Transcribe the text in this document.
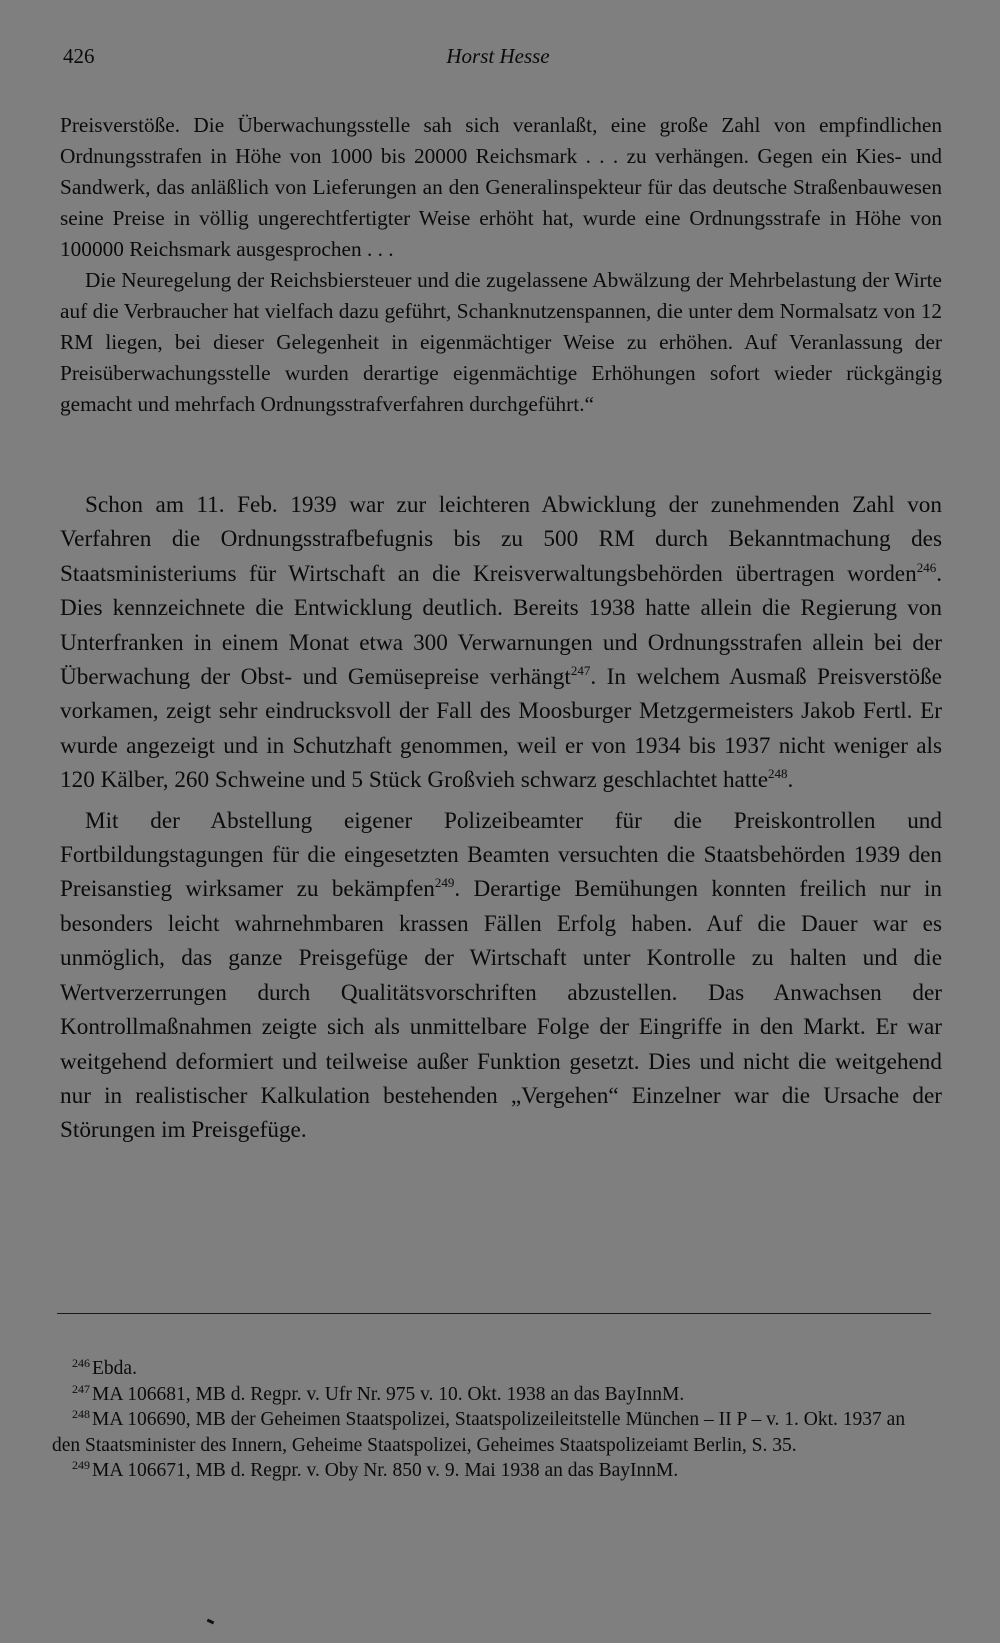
426	Horst Hesse

Preisverstöße. Die Überwachungsstelle sah sich veranlaßt, eine große Zahl von empfindlichen Ordnungsstrafen in Höhe von 1000 bis 20000 Reichsmark . . . zu verhängen. Gegen ein Kies- und Sandwerk, das anläßlich von Lieferungen an den Generalinspekteur für das deutsche Straßenbauwesen seine Preise in völlig ungerechtfertigter Weise erhöht hat, wurde eine Ordnungsstrafe in Höhe von 100000 Reichsmark ausgesprochen . . .

Die Neuregelung der Reichsbiersteuer und die zugelassene Abwälzung der Mehrbelastung der Wirte auf die Verbraucher hat vielfach dazu geführt, Schanknutzenspannen, die unter dem Normalsatz von 12 RM liegen, bei dieser Gelegenheit in eigenmächtiger Weise zu erhöhen. Auf Veranlassung der Preisüberwachungsstelle wurden derartige eigenmächtige Erhöhungen sofort wieder rückgängig gemacht und mehrfach Ordnungsstrafverfahren durchgeführt.“

Schon am 11. Feb. 1939 war zur leichteren Abwicklung der zunehmenden Zahl von Verfahren die Ordnungsstrafbefugnis bis zu 500 RM durch Bekanntmachung des Staatsministeriums für Wirtschaft an die Kreisverwaltungsbehörden übertragen worden$^{246}$. Dies kennzeichnete die Entwicklung deutlich. Bereits 1938 hatte allein die Regierung von Unterfranken in einem Monat etwa 300 Verwarnungen und Ordnungsstrafen allein bei der Überwachung der Obst- und Gemüsepreise verhängt$^{247}$. In welchem Ausmaß Preisverstöße vorkamen, zeigt sehr eindrucksvoll der Fall des Moosburger Metzgermeisters Jakob Fertl. Er wurde angezeigt und in Schutzhaft genommen, weil er von 1934 bis 1937 nicht weniger als 120 Kälber, 260 Schweine und 5 Stück Großvieh schwarz geschlachtet hatte$^{248}$.

Mit der Abstellung eigener Polizeibeamter für die Preiskontrollen und Fortbildungstagungen für die eingesetzten Beamten versuchten die Staatsbehörden 1939 den Preisanstieg wirksamer zu bekämpfen$^{249}$. Derartige Bemühungen konnten freilich nur in besonders leicht wahrnehmbaren krassen Fällen Erfolg haben. Auf die Dauer war es unmöglich, das ganze Preisgefüge der Wirtschaft unter Kontrolle zu halten und die Wertverzerrungen durch Qualitätsvorschriften abzustellen. Das Anwachsen der Kontrollmaßnahmen zeigte sich als unmittelbare Folge der Eingriffe in den Markt. Er war weitgehend deformiert und teilweise außer Funktion gesetzt. Dies und nicht die weitgehend nur in realistischer Kalkulation bestehenden „Vergehen“ Einzelner war die Ursache der Störungen im Preisgefüge.

$^{246}$ Ebda.

$^{247}$ MA 106681, MB d. Regpr. v. Ufr Nr. 975 v. 10. Okt. 1938 an das BayInnM.

$^{248}$ MA 106690, MB der Geheimen Staatspolizei, Staatspolizeileitstelle München – II P – v. 1. Okt. 1937 an den Staatsminister des Innern, Geheime Staatspolizei, Geheimes Staatspolizeiamt Berlin, S. 35.

$^{249}$ MA 106671, MB d. Regpr. v. Oby Nr. 850 v. 9. Mai 1938 an das BayInnM.
